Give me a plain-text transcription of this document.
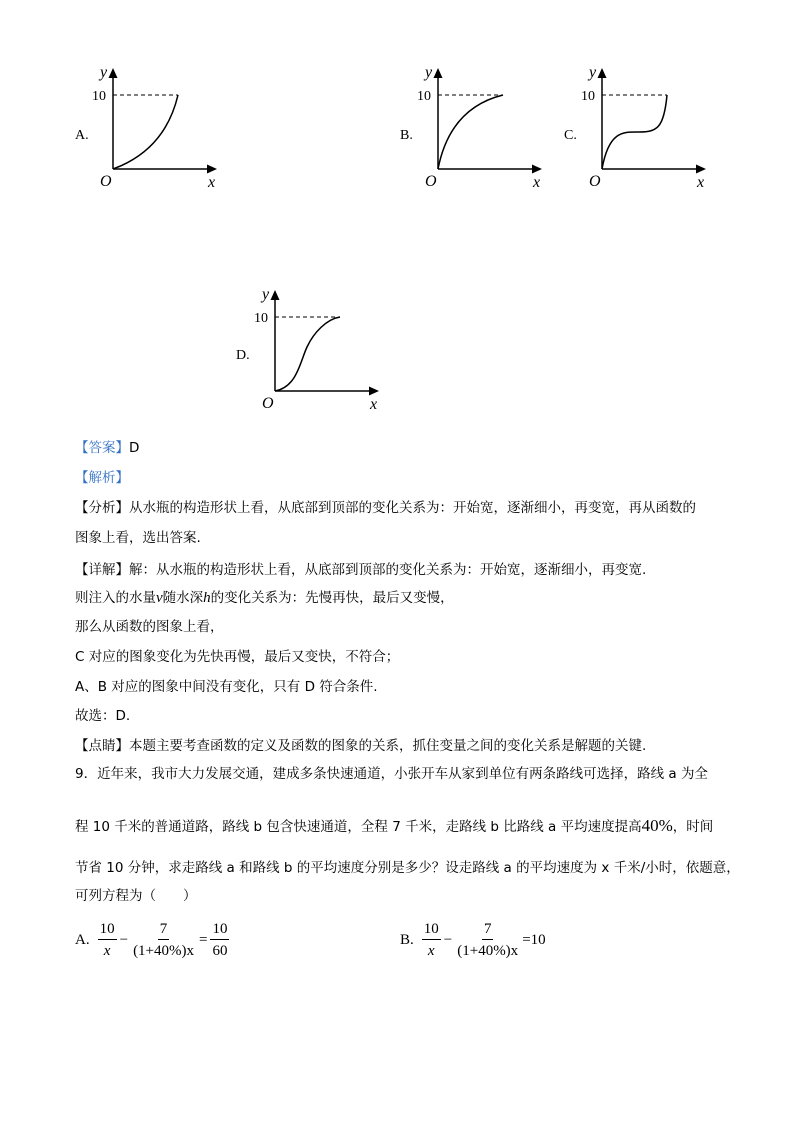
A.	B.	C.
D.
y
10
O	x
y
10
O	x
y
10
O	x
y
10
O	x
【答案】D
【解析】
【分析】从水瓶的构造形状上看，从底部到顶部的变化关系为：开始宽，逐渐细小，再变宽，再从函数的
图象上看，选出答案.
【详解】解：从水瓶的构造形状上看，从底部到顶部的变化关系为：开始宽，逐渐细小，再变宽.
则注入的水量v随水深h的变化关系为：先慢再快，最后又变慢，
那么从函数的图象上看，
C 对应的图象变化为先快再慢，最后又变快，不符合；
A、B 对应的图象中间没有变化，只有 D 符合条件.
故选：D.
【点睛】本题主要考查函数的定义及函数的图象的关系，抓住变量之间的变化关系是解题的关键.
9．近年来，我市大力发展交通，建成多条快速通道，小张开车从家到单位有两条路线可选择，路线 a 为全
程 10 千米的普通道路，路线 b 包含快速通道，全程 7 千米，走路线 b 比路线 a 平均速度提高40%，时间
节省 10 分钟，求走路线 a 和路线 b 的平均速度分别是多少？设走路线 a 的平均速度为 x 千米/小时，依题意，
可列方程为（　　）
A. $\frac{10}{x} - \frac{7}{(1+40\%)x} = \frac{10}{60}$	B. $\frac{10}{x} - \frac{7}{(1+40\%)x} =10$
